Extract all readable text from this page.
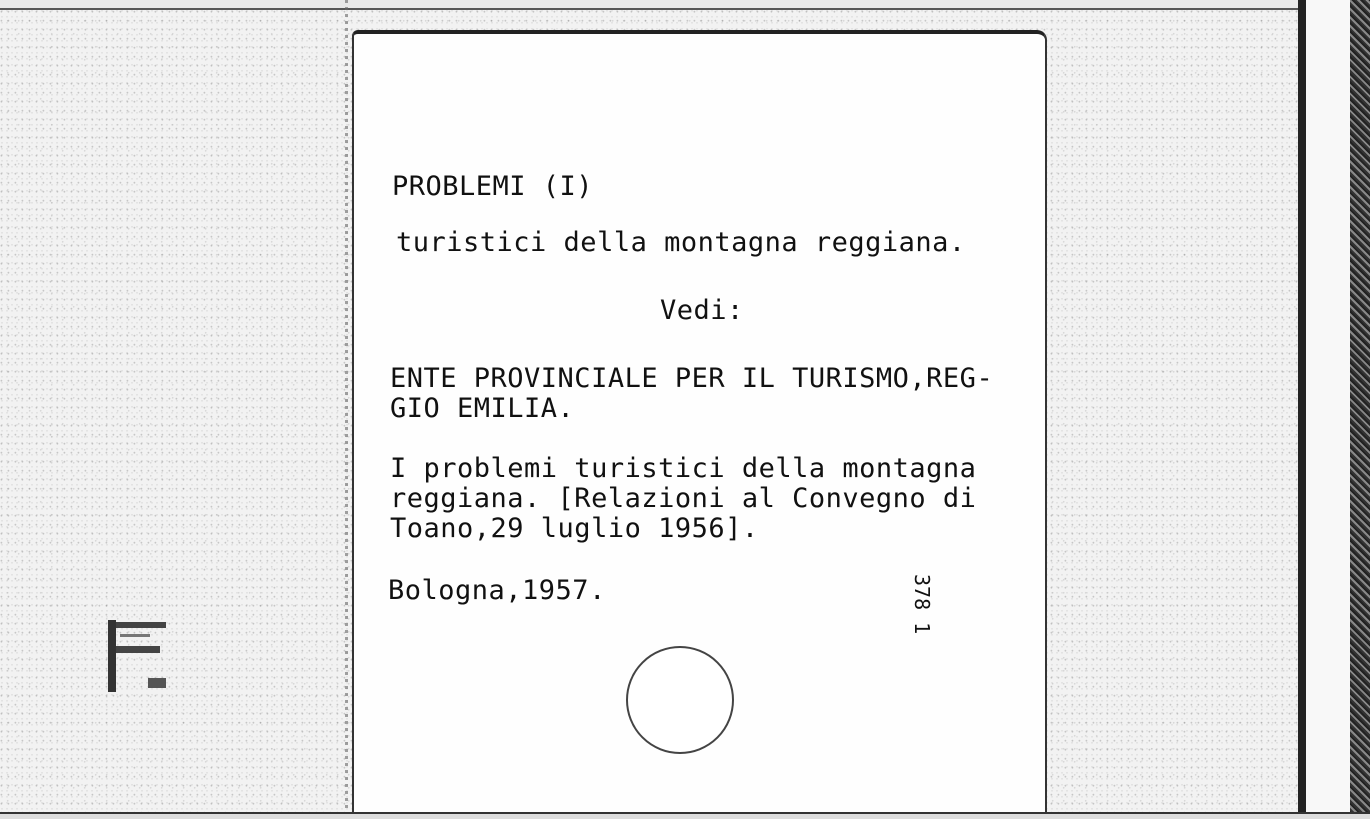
PROBLEMI (I)
turistici della montagna reggiana.
Vedi:
ENTE PROVINCIALE PER IL TURISMO,REG-
GIO EMILIA.
I problemi turistici della montagna
reggiana. [Relazioni al Convegno di
Toano,29 luglio 1956].
Bologna,1957.	378 1
